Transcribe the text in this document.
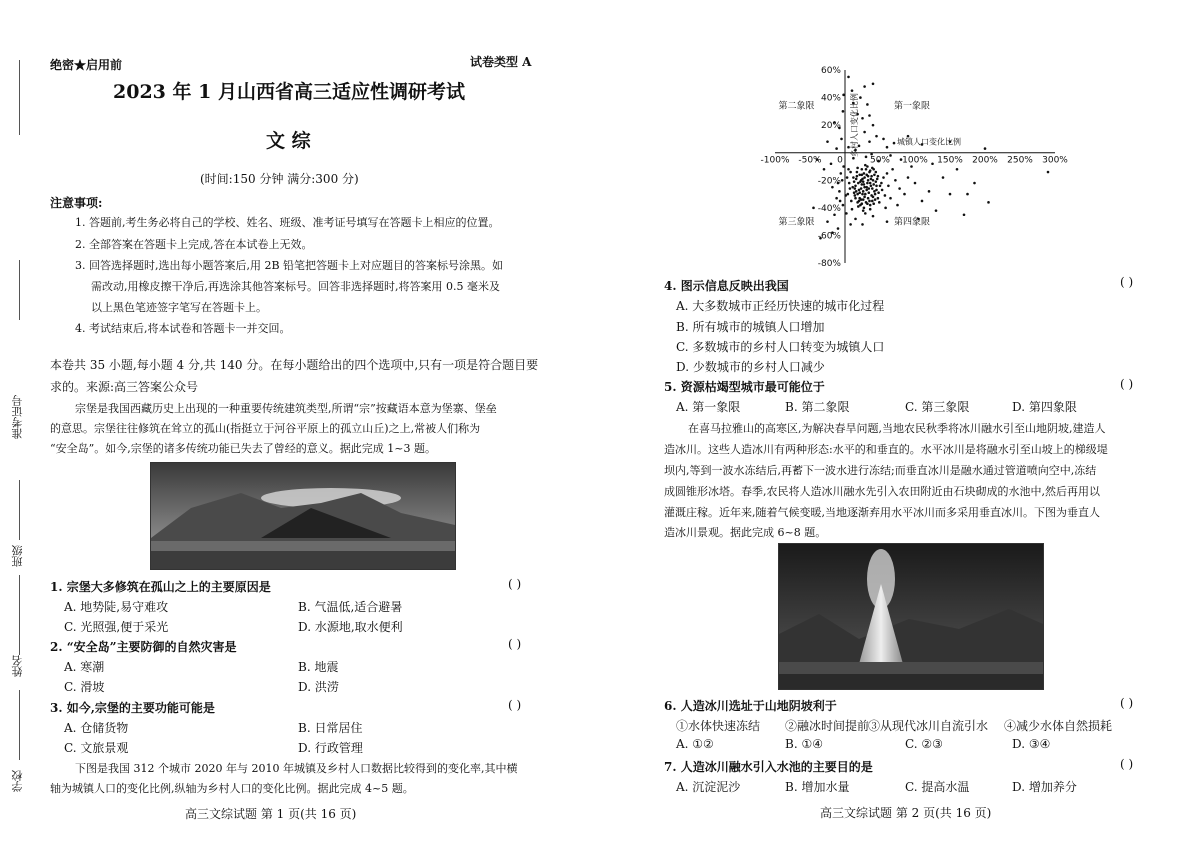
准考证号
班级
姓名
学校
绝密★启用前	试卷类型 A
2023 年 1 月山西省高三适应性调研考试
文 综
(时间:150 分钟 满分:300 分)
注意事项:
1. 答题前,考生务必将自己的学校、姓名、班级、准考证号填写在答题卡上相应的位置。
2. 全部答案在答题卡上完成,答在本试卷上无效。
3. 回答选择题时,选出每小题答案后,用 2B 铅笔把答题卡上对应题目的答案标号涂黑。如
需改动,用橡皮擦干净后,再选涂其他答案标号。回答非选择题时,将答案用 0.5 毫米及
以上黑色笔迹签字笔写在答题卡上。
4. 考试结束后,将本试卷和答题卡一并交回。
本卷共 35 小题,每小题 4 分,共 140 分。在每小题给出的四个选项中,只有一项是符合题目要
求的。来源:高三答案公众号
宗堡是我国西藏历史上出现的一种重要传统建筑类型,所谓“宗”按藏语本意为堡寨、堡垒
的意思。宗堡往往修筑在耸立的孤山(指挺立于河谷平原上的孤立山丘)之上,常被人们称为
“安全岛”。如今,宗堡的诸多传统功能已失去了曾经的意义。据此完成 1~3 题。
1. 宗堡大多修筑在孤山之上的主要原因是	( )
A. 地势陡,易守难攻	B. 气温低,适合避暑
C. 光照强,便于采光	D. 水源地,取水便利
2. “安全岛”主要防御的自然灾害是	( )
A. 寒潮	B. 地震
C. 滑坡	D. 洪涝
3. 如今,宗堡的主要功能可能是	( )
A. 仓储货物	B. 日常居住
C. 文旅景观	D. 行政管理
下图是我国 312 个城市 2020 年与 2010 年城镇及乡村人口数据比较得到的变化率,其中横
轴为城镇人口的变化比例,纵轴为乡村人口的变化比例。据此完成 4~5 题。
高三文综试题 第 1 页(共 16 页)
-100% -50% 0	50% 100% 150% 200% 250% 300%
60%
40%
20%
-20%
-40%
-60%
-80%
城镇人口变化比例
乡村人口变化比例	第一象限
第二象限
第三象限	第四象限
4. 图示信息反映出我国	( )
A. 大多数城市正经历快速的城市化过程
B. 所有城市的城镇人口增加
C. 多数城市的乡村人口转变为城镇人口
D. 少数城市的乡村人口减少
5. 资源枯竭型城市最可能位于	( )
A. 第一象限	B. 第二象限	C. 第三象限	D. 第四象限
在喜马拉雅山的高寒区,为解决春旱问题,当地农民秋季将冰川融水引至山地阴坡,建造人
造冰川。这些人造冰川有两种形态:水平的和垂直的。水平冰川是将融水引至山坡上的梯级堤
坝内,等到一波水冻结后,再蓄下一波水进行冻结;而垂直冰川是融水通过管道喷向空中,冻结
成圆锥形冰塔。春季,农民将人造冰川融水先引入农田附近由石块砌成的水池中,然后再用以
灌溉庄稼。近年来,随着气候变暖,当地逐渐弃用水平冰川而多采用垂直冰川。下图为垂直人
造冰川景观。据此完成 6~8 题。
6. 人造冰川选址于山地阴坡利于	( )
①水体快速冻结 ②融冰时间提前
③从现代冰川自流引水 ④减少水体自然损耗
A. ①②	B. ①④	C. ②③	D. ③④
7. 人造冰川融水引入水池的主要目的是	( )
A. 沉淀泥沙	B. 增加水量	C. 提高水温	D. 增加养分
高三文综试题 第 2 页(共 16 页)
